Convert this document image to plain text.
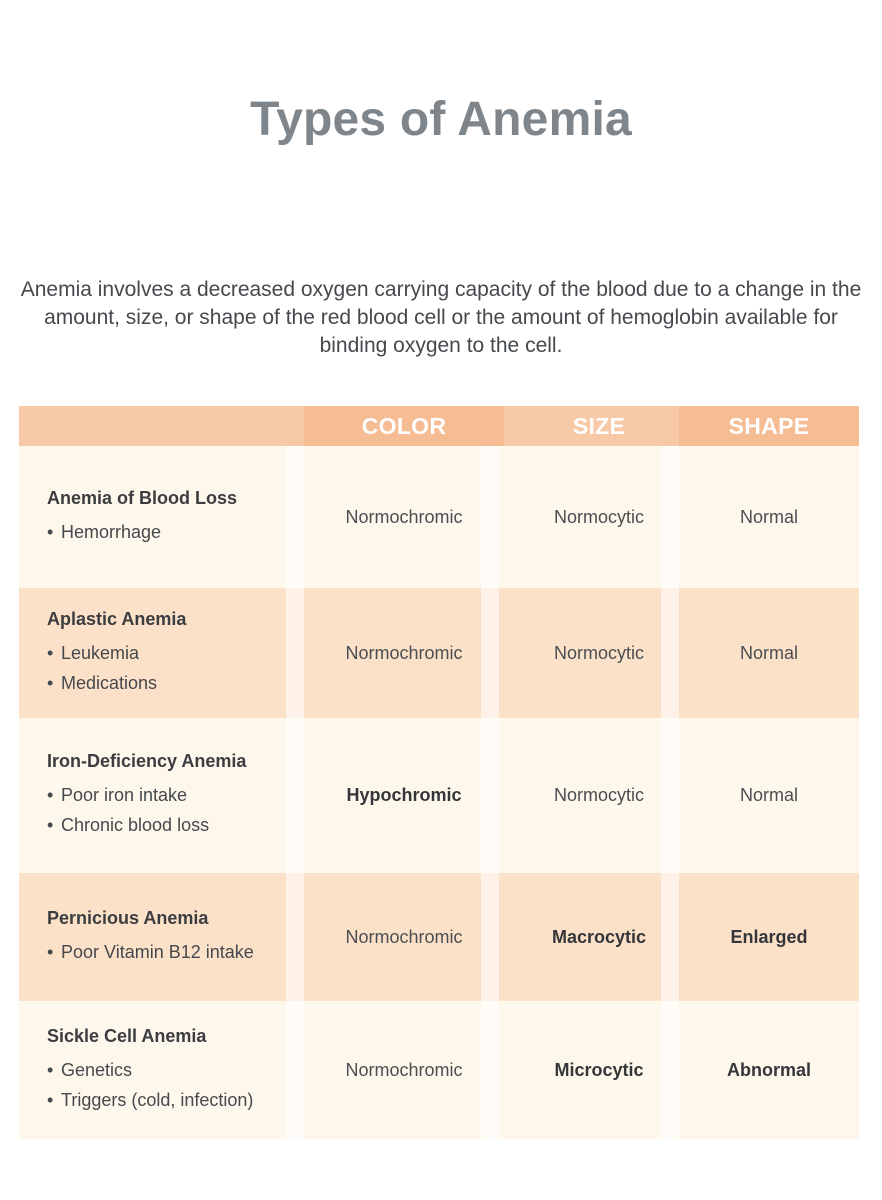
Types of Anemia

Anemia involves a decreased oxygen carrying capacity of the blood due to a change in the amount, size, or shape of the red blood cell or the amount of hemoglobin available for binding oxygen to the cell.

COLOR	SIZE	SHAPE
Anemia of Blood Loss
• Hemorrhage
Normochromic	Normocytic	Normal
Aplastic Anemia
• Leukemia
• Medications
Normochromic	Normocytic	Normal
Iron-Deficiency Anemia
• Poor iron intake
• Chronic blood loss
Hypochromic	Normocytic	Normal
Pernicious Anemia
• Poor Vitamin B12 intake
Normochromic	Macrocytic	Enlarged
Sickle Cell Anemia
• Genetics
• Triggers (cold, infection)
Normochromic	Microcytic	Abnormal
